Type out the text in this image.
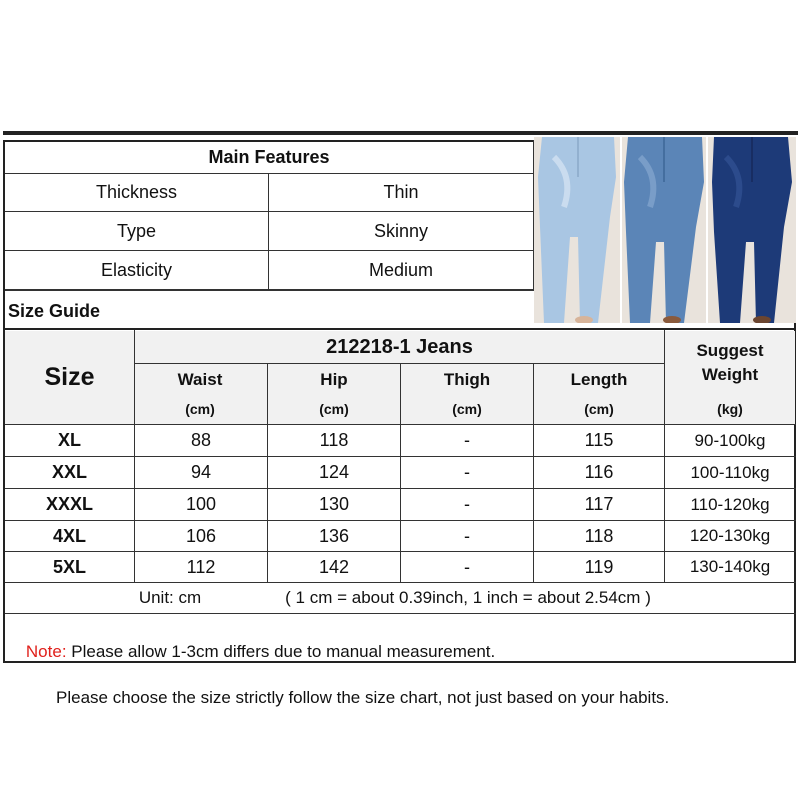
Main Features
Thickness	Thin
Type	Skinny
Elasticity	Medium
Size Guide
Size
212218-1 Jeans
Waist
(cm)
Hip
(cm)
Thigh
(cm)
Length
(cm)
Suggest
Weight
(kg)
XL	88	118	-	115	90-100kg
XXL	94	124	-	116	100-110kg
XXXL	100	130	-	117	110-120kg
4XL	106	136	-	118	120-130kg
5XL	112	142	-	119	130-140kg
Unit: cm	( 1 cm = about 0.39inch, 1 inch = about 2.54cm )

Note: Please allow 1-3cm differs due to manual measurement.

Please choose the size strictly follow the size chart, not just based on your habits.
